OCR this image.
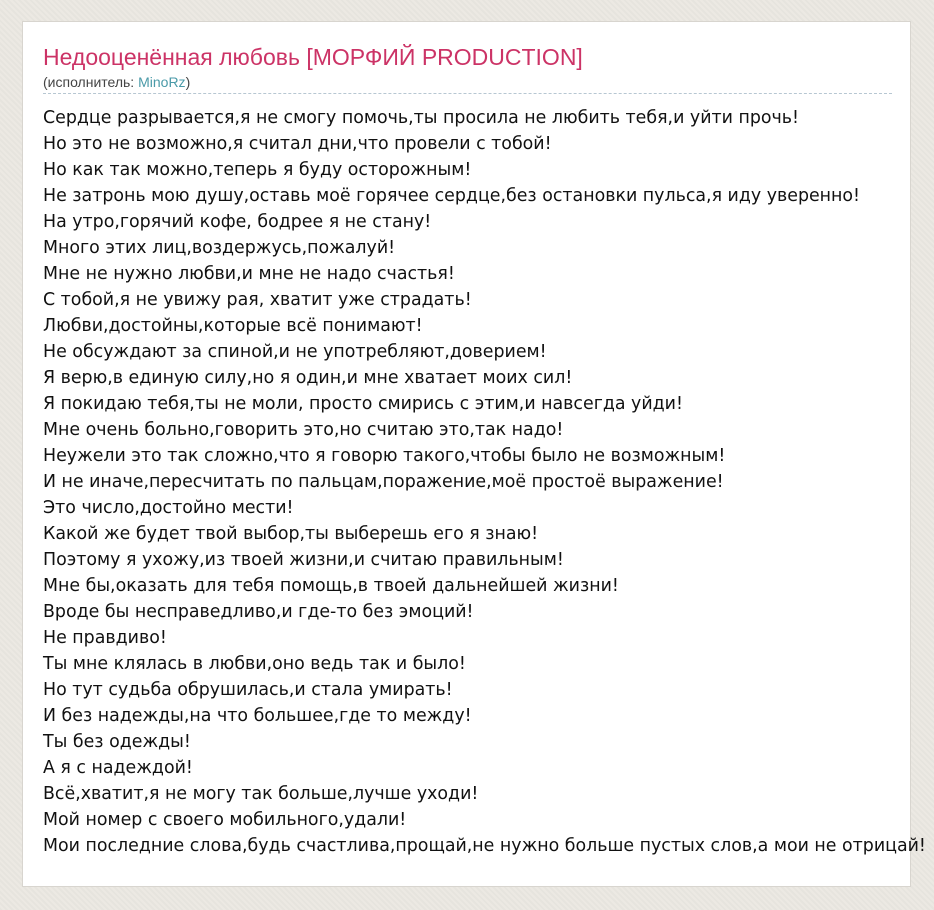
Недооценённая любовь [МОРФИЙ PRODUCTION]
(исполнитель: MinoRz)
Сердце разрывается,я не смогу помочь,ты просила не любить тебя,и уйти прочь!
Но это не возможно,я считал дни,что провели с тобой!
Но как так можно,теперь я буду осторожным!
Не затронь мою душу,оставь моё горячее сердце,без остановки пульса,я иду уверенно!
На утро,горячий кофе, бодрее я не стану!
Много этих лиц,воздержусь,пожалуй!
Мне не нужно любви,и мне не надо счастья!
С тобой,я не увижу рая, хватит уже страдать!
Любви,достойны,которые всё понимают!
Не обсуждают за спиной,и не употребляют,доверием!
Я верю,в единую силу,но я один,и мне хватает моих сил!
Я покидаю тебя,ты не моли, просто смирись с этим,и навсегда уйди!
Мне очень больно,говорить это,но считаю это,так надо!
Неужели это так сложно,что я говорю такого,чтобы было не возможным!
И не иначе,пересчитать по пальцам,поражение,моё простоё выражение!
Это число,достойно мести!
Какой же будет твой выбор,ты выберешь его я знаю!
Поэтому я ухожу,из твоей жизни,и считаю правильным!
Мне бы,оказать для тебя помощь,в твоей дальнейшей жизни!
Вроде бы несправедливо,и где-то без эмоций!
Не правдиво!
Ты мне клялась в любви,оно ведь так и было!
Но тут судьба обрушилась,и стала умирать!
И без надежды,на что большее,где то между!
Ты без одежды!
А я с надеждой!
Всё,хватит,я не могу так больше,лучше уходи!
Мой номер с своего мобильного,удали!
Мои последние слова,будь счастлива,прощай,не нужно больше пустых слов,а мои не отрицай!
